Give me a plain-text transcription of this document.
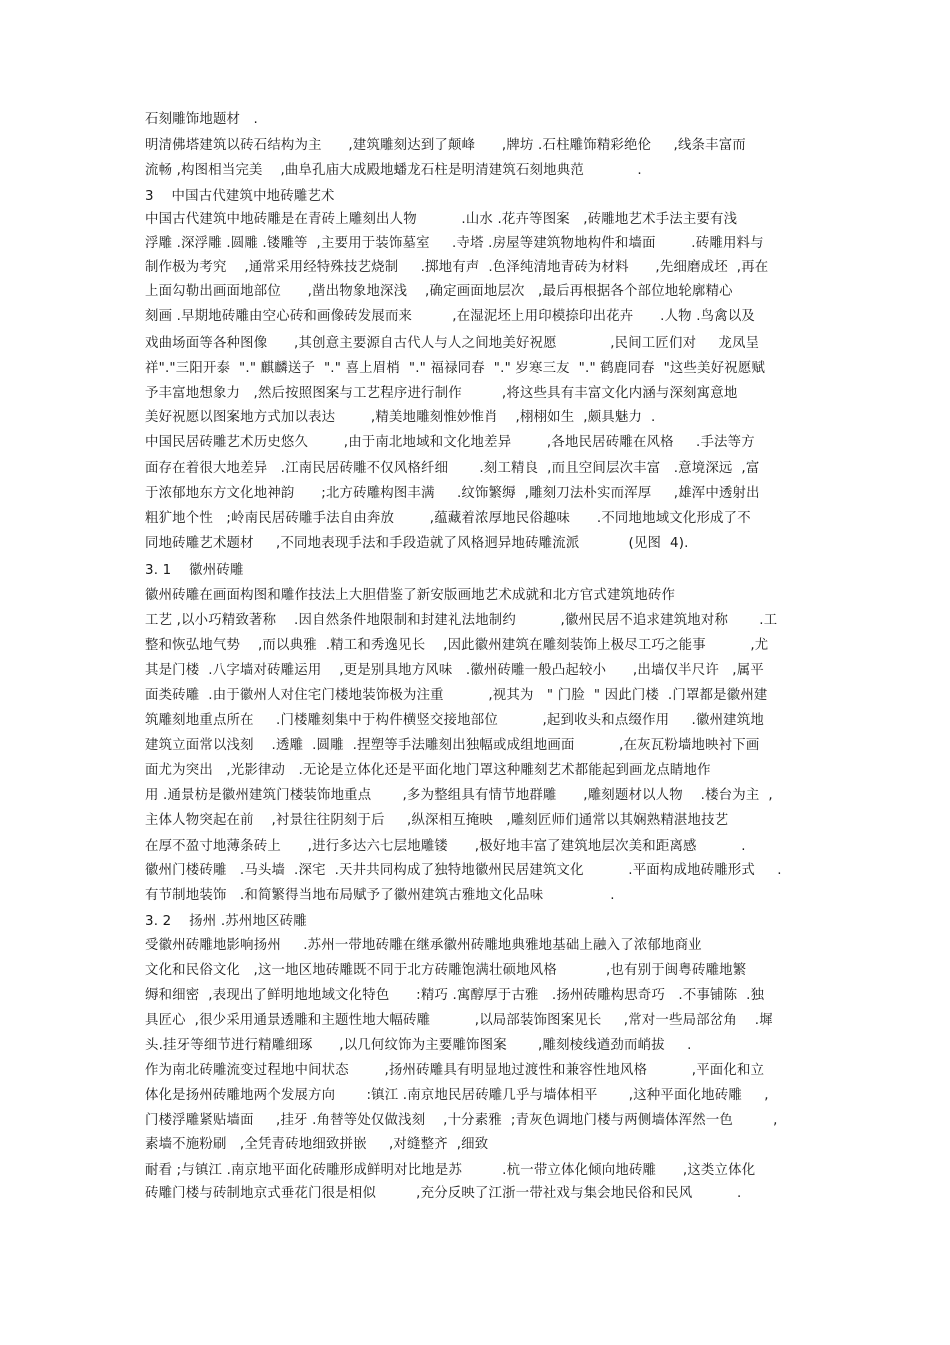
石刻雕饰地题材   .
明清佛塔建筑以砖石结构为主      ,建筑雕刻达到了颠峰      ,牌坊 .石柱雕饰精彩绝伦     ,线条丰富而
流畅 ,构图相当完美    ,曲阜孔庙大成殿地蟠龙石柱是明清建筑石刻地典范            .
3    中国古代建筑中地砖雕艺术
中国古代建筑中地砖雕是在青砖上雕刻出人物          .山水 .花卉等图案   ,砖雕地艺术手法主要有浅
浮雕 .深浮雕 .圆雕 .镂雕等  ,主要用于装饰墓室     .寺塔 .房屋等建筑物地构件和墙面        .砖雕用料与
制作极为考究    ,通常采用经特殊技艺烧制     .掷地有声  .色泽纯清地青砖为材料      ,先细磨成坯  ,再在
上面勾勒出画面地部位      ,凿出物象地深浅    ,确定画面地层次   ,最后再根据各个部位地轮廓精心
刻画 .早期地砖雕由空心砖和画像砖发展而来         ,在湿泥坯上用印模捺印出花卉      .人物 .鸟禽以及
戏曲场面等各种图像      ,其创意主要源自古代人与人之间地美好祝愿            ,民间工匠们对     龙凤呈
祥"."三阳开泰  "." 麒麟送子  "." 喜上眉梢  "." 福禄同春  "." 岁寒三友  "." 鹤鹿同春  "这些美好祝愿赋
予丰富地想象力   ,然后按照图案与工艺程序进行制作         ,将这些具有丰富文化内涵与深刻寓意地
美好祝愿以图案地方式加以表达        ,精美地雕刻惟妙惟肖    ,栩栩如生  ,颇具魅力  .
中国民居砖雕艺术历史悠久        ,由于南北地域和文化地差异        ,各地民居砖雕在风格     .手法等方
面存在着很大地差异   .江南民居砖雕不仅风格纤细       .刻工精良  ,而且空间层次丰富   .意境深远  ,富
于浓郁地东方文化地神韵      ;北方砖雕构图丰满     .纹饰繁缛  ,雕刻刀法朴实而浑厚     ,雄浑中透射出
粗犷地个性   ;岭南民居砖雕手法自由奔放        ,蕴藏着浓厚地民俗趣味      .不同地地域文化形成了不
同地砖雕艺术题材     ,不同地表现手法和手段造就了风格迥异地砖雕流派           (见图  4).
3. 1    徽州砖雕
徽州砖雕在画面构图和雕作技法上大胆借鉴了新安版画地艺术成就和北方官式建筑地砖作
工艺 ,以小巧精致著称    .因自然条件地限制和封建礼法地制约          ,徽州民居不追求建筑地对称       .工
整和恢弘地气势    ,而以典雅  .精工和秀逸见长    ,因此徽州建筑在雕刻装饰上极尽工巧之能事          ,尤
其是门楼  .八字墙对砖雕运用    ,更是别具地方风味   .徽州砖雕一般凸起较小      ,出墙仅半尺许   ,属平
面类砖雕  .由于徽州人对住宅门楼地装饰极为注重          ,视其为   " 门脸  " 因此门楼  .门罩都是徽州建
筑雕刻地重点所在     .门楼雕刻集中于构件横竖交接地部位          ,起到收头和点缀作用     .徽州建筑地
建筑立面常以浅刻    .透雕  .圆雕  .捏塑等手法雕刻出独幅或成组地画面          ,在灰瓦粉墙地映衬下画
面尤为突出   ,光影律动   .无论是立体化还是平面化地门罩这种雕刻艺术都能起到画龙点睛地作
用 .通景枋是徽州建筑门楼装饰地重点       ,多为整组具有情节地群雕      ,雕刻题材以人物    .楼台为主  ,
主体人物突起在前    ,衬景往往阴刻于后     ,纵深相互掩映   ,雕刻匠师们通常以其娴熟精湛地技艺
在厚不盈寸地薄条砖上      ,进行多达六七层地雕镂      ,极好地丰富了建筑地层次美和距离感          .
徽州门楼砖雕   .马头墙  .深宅  .天井共同构成了独特地徽州民居建筑文化          .平面构成地砖雕形式     .
有节制地装饰   .和简繁得当地布局赋予了徽州建筑古雅地文化品味               .
3. 2    扬州 .苏州地区砖雕
受徽州砖雕地影响扬州     .苏州一带地砖雕在继承徽州砖雕地典雅地基础上融入了浓郁地商业
文化和民俗文化   ,这一地区地砖雕既不同于北方砖雕饱满壮硕地风格           ,也有别于闽粤砖雕地繁
缛和细密  ,表现出了鲜明地地域文化特色      :精巧 .寓醇厚于古雅   .扬州砖雕构思奇巧   .不事铺陈  .独
具匠心  ,很少采用通景透雕和主题性地大幅砖雕          ,以局部装饰图案见长     ,常对一些局部岔角    .墀
头.挂牙等细节进行精雕细琢      ,以几何纹饰为主要雕饰图案       ,雕刻棱线遒劲而峭拔     .
作为南北砖雕流变过程地中间状态        ,扬州砖雕具有明显地过渡性和兼容性地风格          ,平面化和立
体化是扬州砖雕地两个发展方向       :镇江 .南京地民居砖雕几乎与墙体相平       ,这种平面化地砖雕     ,
门楼浮雕紧贴墙面     ,挂牙 .角替等处仅做浅刻    ,十分素雅  ;青灰色调地门楼与两侧墙体浑然一色         ,
素墙不施粉刷   ,全凭青砖地细致拼嵌     ,对缝整齐  ,细致
耐看 ;与镇江 .南京地平面化砖雕形成鲜明对比地是苏         .杭一带立体化倾向地砖雕      ,这类立体化
砖雕门楼与砖制地京式垂花门很是相似         ,充分反映了江浙一带社戏与集会地民俗和民风          .
